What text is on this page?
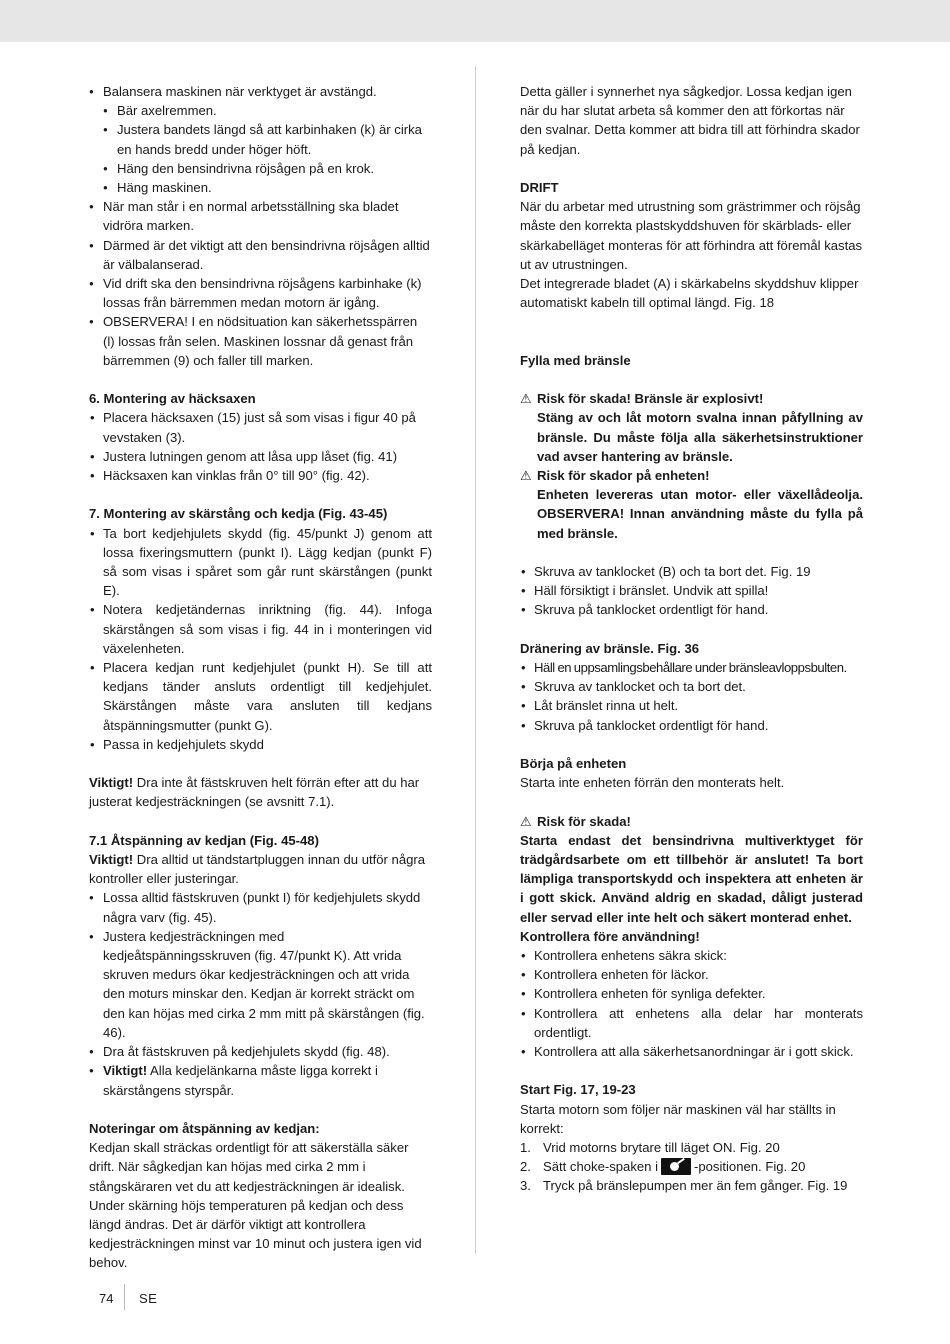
● Balansera maskinen när verktyget är avstängd.
● Bär axelremmen.
● Justera bandets längd så att karbinhaken (k) är cirka en hands bredd under höger höft.
● Häng den bensindrivna röjsågen på en krok.
● Häng maskinen.
● När man står i en normal arbetsställning ska bladet vidröra marken.
● Därmed är det viktigt att den bensindrivna röjsågen alltid är välbalanserad.
● Vid drift ska den bensindrivna röjsågens karbinhake (k) lossas från bärremmen medan motorn är igång.
● OBSERVERA! I en nödsituation kan säkerhetsspärren (l) lossas från selen. Maskinen lossnar då genast från bärremmen (9) och faller till marken.

6. Montering av häcksaxen

• Placera häcksaxen (15) just så som visas i figur 40 på vevstaken (3).
• Justera lutningen genom att låsa upp låset (fig. 41)
• Häcksaxen kan vinklas från 0° till 90° (fig. 42).

7. Montering av skärstång och kedja (Fig. 43-45)

• Ta bort kedjehjulets skydd (fig. 45/punkt J) genom att lossa fixeringsmuttern (punkt I). Lägg kedjan (punkt F) så som visas i spåret som går runt skärstången (punkt E).
• Notera kedjetändernas inriktning (fig. 44). Infoga skärstången så som visas i fig. 44 in i monteringen vid växelenheten.
• Placera kedjan runt kedjehjulet (punkt H). Se till att kedjans tänder ansluts ordentligt till kedjehjulet. Skärstången måste vara ansluten till kedjans åtspänningsmutter (punkt G).
• Passa in kedjehjulets skydd

Viktigt! Dra inte åt fästskruven helt förrän efter att du har justerat kedjesträckningen (se avsnitt 7.1).

7.1 Åtspänning av kedjan (Fig. 45-48)

Viktigt! Dra alltid ut tändstartpluggen innan du utför några kontroller eller justeringar.

● Lossa alltid fästskruven (punkt I) för kedjehjulets skydd några varv (fig. 45).
● Justera kedjesträckningen med kedjeåtspänningsskruven (fig. 47/punkt K). Att vrida skruven medurs ökar kedjesträckningen och att vrida den moturs minskar den. Kedjan är korrekt sträckt om den kan höjas med cirka 2 mm mitt på skärstången (fig. 46).
● Dra åt fästskruven på kedjehjulets skydd (fig. 48).
● Viktigt! Alla kedjelänkarna måste ligga korrekt i skärstångens styrspår.

Noteringar om åtspänning av kedjan:

Kedjan skall sträckas ordentligt för att säkerställa säker drift. När sågkedjan kan höjas med cirka 2 mm i stångskäraren vet du att kedjesträckningen är idealisk. Under skärning höjs temperaturen på kedjan och dess längd ändras. Det är därför viktigt att kontrollera kedjesträckningen minst var 10 minut och justera igen vid behov.

Detta gäller i synnerhet nya sågkedjor. Lossa kedjan igen när du har slutat arbeta så kommer den att förkortas när den svalnar. Detta kommer att bidra till att förhindra skador på kedjan.

DRIFT

När du arbetar med utrustning som grästrimmer och röjsåg måste den korrekta plastskyddshuven för skärblads- eller skärkabelläget monteras för att förhindra att föremål kastas ut av utrustningen.

Det integrerade bladet (A) i skärkabelns skyddshuv klipper automatiskt kabeln till optimal längd. Fig. 18

Fylla med bränsle

⚠ Risk för skada! Bränsle är explosivt!

Stäng av och låt motorn svalna innan påfyllning av bränsle. Du måste följa alla säkerhetsinstruktioner vad avser hantering av bränsle.

⚠ Risk för skador på enheten!

Enheten levereras utan motor- eller växellådeolja. OBSERVERA! Innan användning måste du fylla på med bränsle.

• Skruva av tanklocket (B) och ta bort det. Fig. 19
• Häll försiktigt i bränslet. Undvik att spilla!
• Skruva på tanklocket ordentligt för hand.

Dränering av bränsle. Fig. 36

• Häll en uppsamlingsbehållare under bränsleavloppsbulten.
• Skruva av tanklocket och ta bort det.
• Låt bränslet rinna ut helt.
• Skruva på tanklocket ordentligt för hand.

Börja på enheten

Starta inte enheten förrän den monterats helt.

⚠ Risk för skada!

Starta endast det bensindrivna multiverktyget för trädgårdsarbete om ett tillbehör är anslutet! Ta bort lämpliga transportskydd och inspektera att enheten är i gott skick. Använd aldrig en skadad, dåligt justerad eller servad eller inte helt och säkert monterad enhet.

Kontrollera före användning!

• Kontrollera enhetens säkra skick:
• Kontrollera enheten för läckor.
• Kontrollera enheten för synliga defekter.
• Kontrollera att enhetens alla delar har monterats ordentligt.
• Kontrollera att alla säkerhetsanordningar är i gott skick.

Start Fig. 17, 19-23

Starta motorn som följer när maskinen väl har ställts in korrekt:

1. Vrid motorns brytare till läget ON. Fig. 20
2. Sätt choke-spaken i	-positionen. Fig. 20
3. Tryck på bränslepumpen mer än fem gånger. Fig. 19
74 SE
